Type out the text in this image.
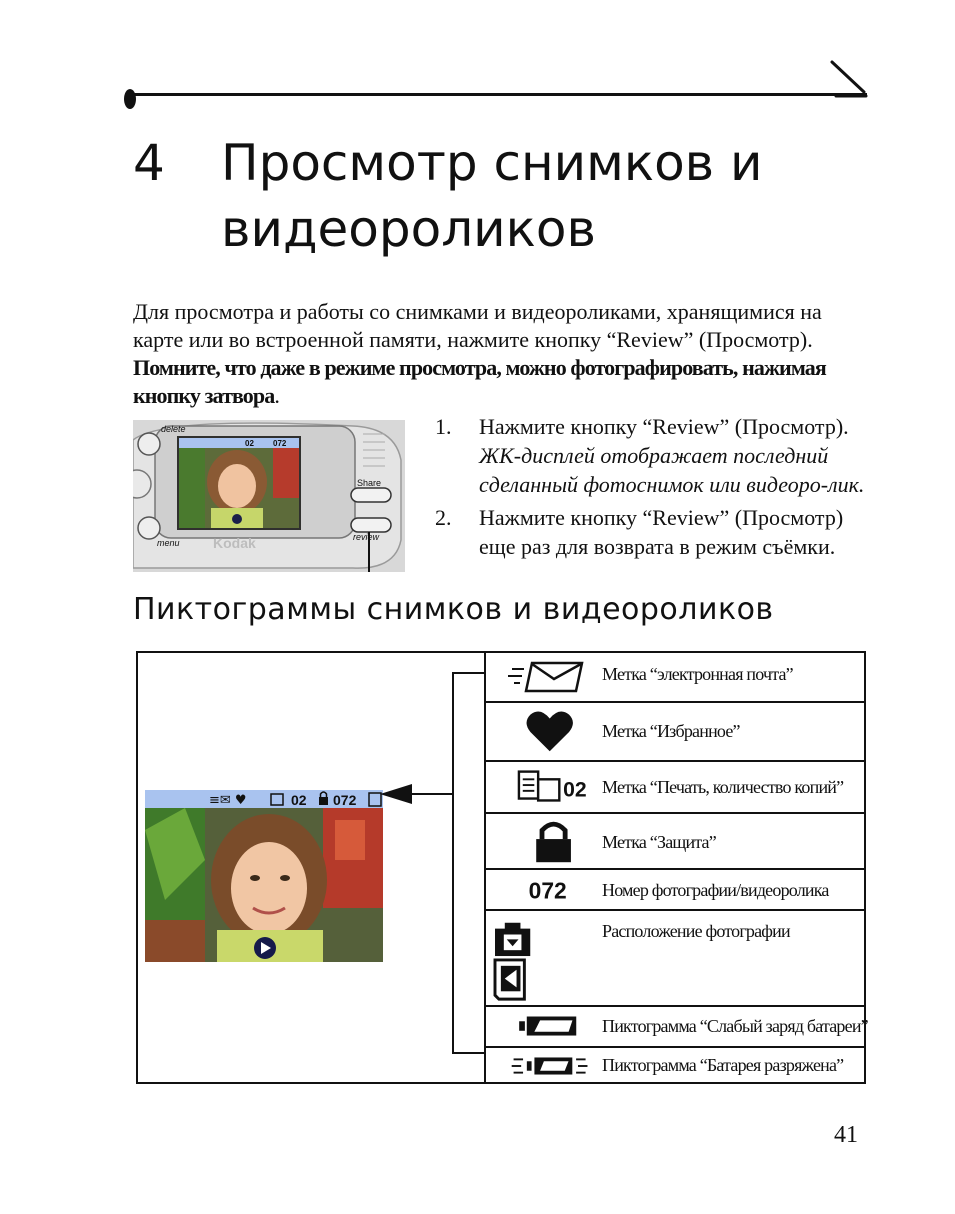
4 Просмотр снимков и видеороликов
Для просмотра и работы со снимками и видеороликами, хранящимися на карте или во встроенной памяти, нажмите кнопку “Review” (Просмотр). Помните, что даже в режиме просмотра, можно фотографировать, нажимая кнопку затвора.
delete
menu
Share
review
Kodak
02 072
1. Нажмите кнопку “Review” (Просмотр).
ЖК-дисплей отображает последний сделанный фотоснимок или видеоро-лик.
2. Нажмите кнопку “Review” (Просмотр) еще раз для возврата в режим съёмки.
Пиктограммы снимков и видеороликов
≡✉ ♥	02 072
Метка “электронная почта”
Метка “Избранное”
02 Метка “Печать, количество копий”
Метка “Защита”
072 Номер фотографии/видеоролика
Расположение фотографии
Пиктограмма “Слабый заряд батареи”
Пиктограмма “Батарея разряжена”
41
